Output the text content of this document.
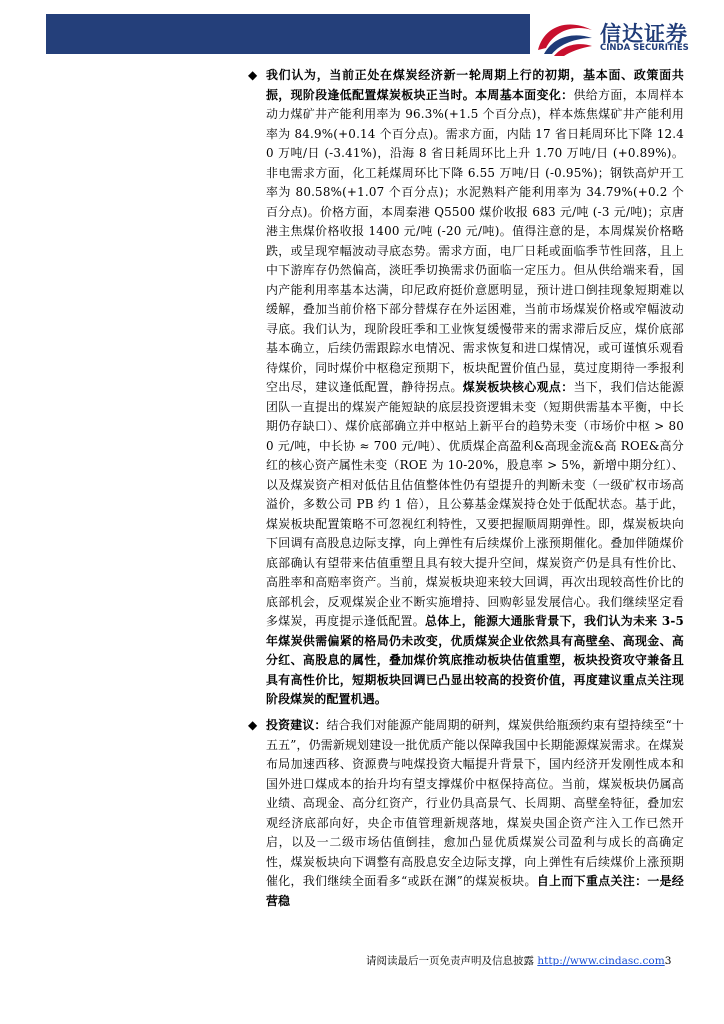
信达证券
CINDA SECURITIES
◆ 我们认为，当前正处在煤炭经济新一轮周期上行的初期，基本面、政策面共振，现阶段逢低配置煤炭板块正当时。本周基本面变化：供给方面，本周样本动力煤矿井产能利用率为 96.3%(+1.5 个百分点)，样本炼焦煤矿井产能利用率为 84.9%(+0.14 个百分点)。需求方面，内陆 17 省日耗周环比下降 12.40 万吨/日 (-3.41%)，沿海 8 省日耗周环比上升 1.70 万吨/日 (+0.89%)。非电需求方面，化工耗煤周环比下降 6.55 万吨/日 (-0.95%)；钢铁高炉开工率为 80.58%(+1.07 个百分点)；水泥熟料产能利用率为 34.79%(+0.2 个百分点)。价格方面，本周秦港 Q5500 煤价收报 683 元/吨 (-3 元/吨)；京唐港主焦煤价格收报 1400 元/吨 (-20 元/吨)。值得注意的是，本周煤炭价格略跌，或呈现窄幅波动寻底态势。需求方面，电厂日耗或面临季节性回落，且上中下游库存仍然偏高，淡旺季切换需求仍面临一定压力。但从供给端来看，国内产能利用率基本达满，印尼政府挺价意愿明显，预计进口倒挂现象短期难以缓解，叠加当前价格下部分替煤存在外运困难，当前市场煤炭价格或窄幅波动寻底。我们认为，现阶段旺季和工业恢复缓慢带来的需求滞后反应，煤价底部基本确立，后续仍需跟踪水电情况、需求恢复和进口煤情况，或可谨慎乐观看待煤价，同时煤价中枢稳定预期下，板块配置价值凸显，莫过度期待一季报利空出尽，建议逢低配置，静待拐点。煤炭板块核心观点：当下，我们信达能源团队一直提出的煤炭产能短缺的底层投资逻辑未变（短期供需基本平衡，中长期仍存缺口）、煤价底部确立并中枢站上新平台的趋势未变（市场价中枢 > 800 元/吨，中长协 ≈ 700 元/吨）、优质煤企高盈利&高现金流&高 ROE&高分红的核心资产属性未变（ROE 为 10-20%，股息率 > 5%，新增中期分红）、以及煤炭资产相对低估且估值整体性仍有望提升的判断未变（一级矿权市场高溢价，多数公司 PB 约 1 倍），且公募基金煤炭持仓处于低配状态。基于此，煤炭板块配置策略不可忽视红利特性，又要把握顺周期弹性。即，煤炭板块向下回调有高股息边际支撑，向上弹性有后续煤价上涨预期催化。叠加伴随煤价底部确认有望带来估值重塑且具有较大提升空间，煤炭资产仍是具有性价比、高胜率和高赔率资产。当前，煤炭板块迎来较大回调，再次出现较高性价比的底部机会，反观煤炭企业不断实施增持、回购彰显发展信心。我们继续坚定看多煤炭，再度提示逢低配置。总体上，能源大通胀背景下，我们认为未来 3-5 年煤炭供需偏紧的格局仍未改变，优质煤炭企业依然具有高壁垒、高现金、高分红、高股息的属性，叠加煤价筑底推动板块估值重塑，板块投资攻守兼备且具有高性价比，短期板块回调已凸显出较高的投资价值，再度建议重点关注现阶段煤炭的配置机遇。

◆ 投资建议：结合我们对能源产能周期的研判，煤炭供给瓶颈约束有望持续至“十五五”，仍需新规划建设一批优质产能以保障我国中长期能源煤炭需求。在煤炭布局加速西移、资源费与吨煤投资大幅提升背景下，国内经济开发刚性成本和国外进口煤成本的抬升均有望支撑煤价中枢保持高位。当前，煤炭板块仍属高业绩、高现金、高分红资产，行业仍具高景气、长周期、高壁垒特征，叠加宏观经济底部向好，央企市值管理新规落地，煤炭央国企资产注入工作已然开启，以及一二级市场估值倒挂，愈加凸显优质煤炭公司盈利与成长的高确定性，煤炭板块向下调整有高股息安全边际支撑，向上弹性有后续煤价上涨预期催化，我们继续全面看多“或跃在渊”的煤炭板块。自上而下重点关注：一是经营稳

请阅读最后一页免责声明及信息披露 http://www.cindasc.com3
